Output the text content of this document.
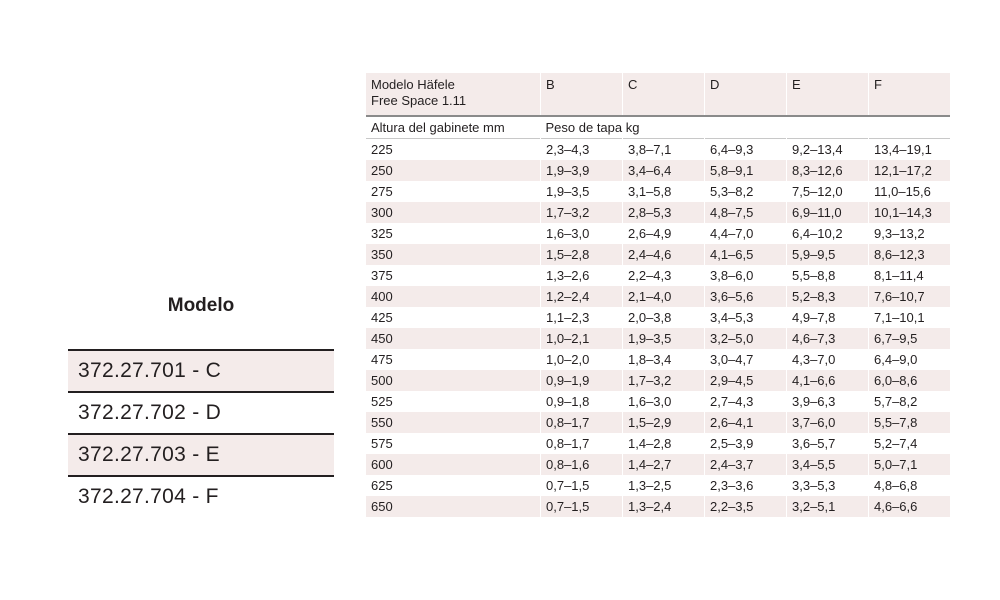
Modelo
372.27.701 - C
372.27.702 - D
372.27.703 - E
372.27.704 - F
Modelo Häfele
Free Space 1.11	B	C	D	E	F
Altura del gabinete mm	Peso de tapa kg				
225	2,3–4,3	3,8–7,1	6,4–9,3	9,2–13,4	13,4–19,1
250	1,9–3,9	3,4–6,4	5,8–9,1	8,3–12,6	12,1–17,2
275	1,9–3,5	3,1–5,8	5,3–8,2	7,5–12,0	11,0–15,6
300	1,7–3,2	2,8–5,3	4,8–7,5	6,9–11,0	10,1–14,3
325	1,6–3,0	2,6–4,9	4,4–7,0	6,4–10,2	9,3–13,2
350	1,5–2,8	2,4–4,6	4,1–6,5	5,9–9,5	8,6–12,3
375	1,3–2,6	2,2–4,3	3,8–6,0	5,5–8,8	8,1–11,4
400	1,2–2,4	2,1–4,0	3,6–5,6	5,2–8,3	7,6–10,7
425	1,1–2,3	2,0–3,8	3,4–5,3	4,9–7,8	7,1–10,1
450	1,0–2,1	1,9–3,5	3,2–5,0	4,6–7,3	6,7–9,5
475	1,0–2,0	1,8–3,4	3,0–4,7	4,3–7,0	6,4–9,0
500	0,9–1,9	1,7–3,2	2,9–4,5	4,1–6,6	6,0–8,6
525	0,9–1,8	1,6–3,0	2,7–4,3	3,9–6,3	5,7–8,2
550	0,8–1,7	1,5–2,9	2,6–4,1	3,7–6,0	5,5–7,8
575	0,8–1,7	1,4–2,8	2,5–3,9	3,6–5,7	5,2–7,4
600	0,8–1,6	1,4–2,7	2,4–3,7	3,4–5,5	5,0–7,1
625	0,7–1,5	1,3–2,5	2,3–3,6	3,3–5,3	4,8–6,8
650	0,7–1,5	1,3–2,4	2,2–3,5	3,2–5,1	4,6–6,6
